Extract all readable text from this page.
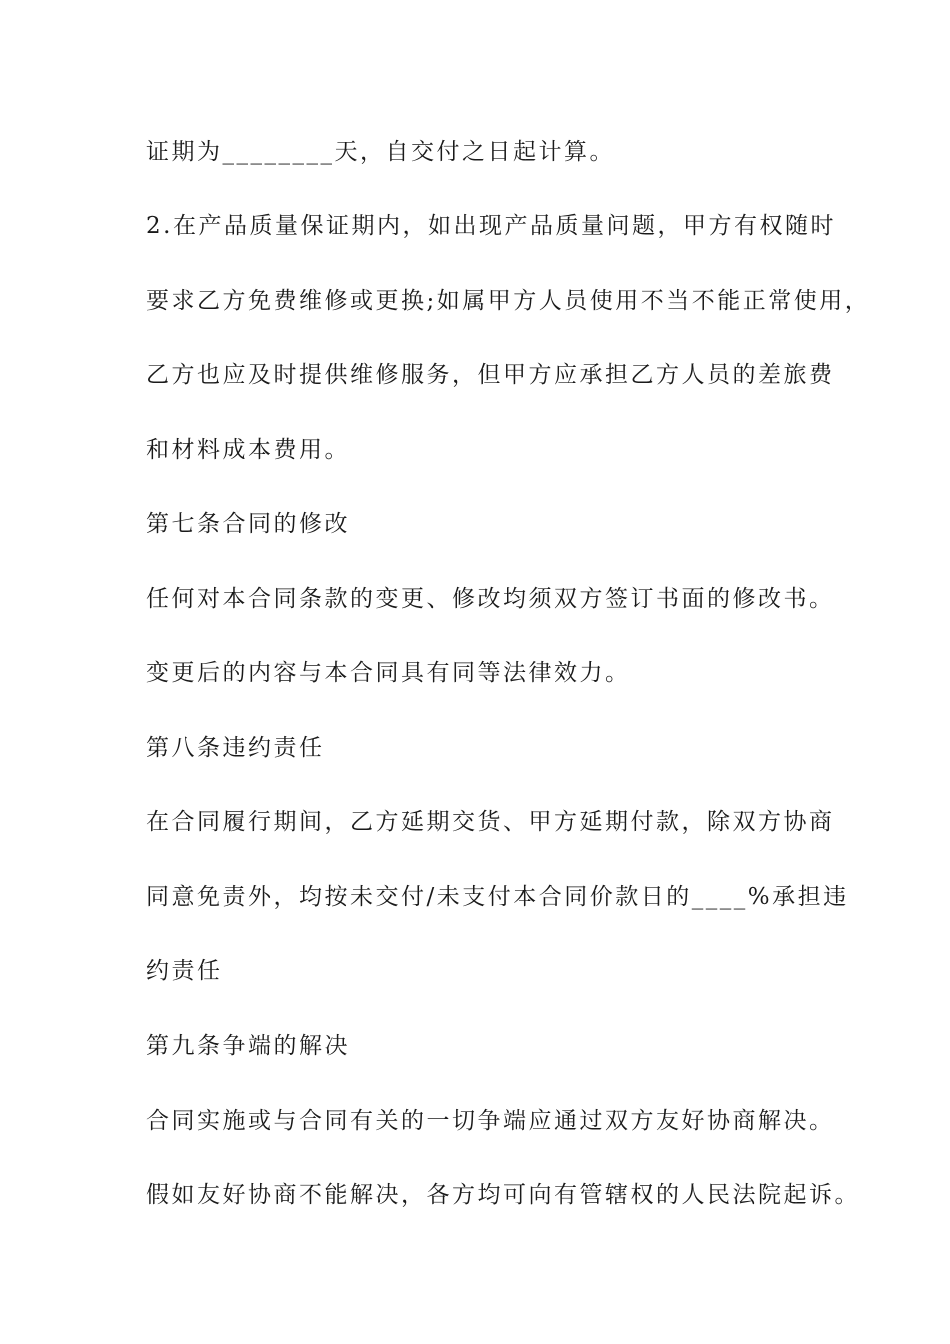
证期为________天，自交付之日起计算。

2.在产品质量保证期内，如出现产品质量问题，甲方有权随时

要求乙方免费维修或更换;如属甲方人员使用不当不能正常使用，

乙方也应及时提供维修服务，但甲方应承担乙方人员的差旅费

和材料成本费用。

第七条合同的修改

任何对本合同条款的变更、修改均须双方签订书面的修改书。

变更后的内容与本合同具有同等法律效力。

第八条违约责任

在合同履行期间，乙方延期交货、甲方延期付款，除双方协商

同意免责外，均按未交付/未支付本合同价款日的____%承担违

约责任

第九条争端的解决

合同实施或与合同有关的一切争端应通过双方友好协商解决。

假如友好协商不能解决，各方均可向有管辖权的人民法院起诉。
